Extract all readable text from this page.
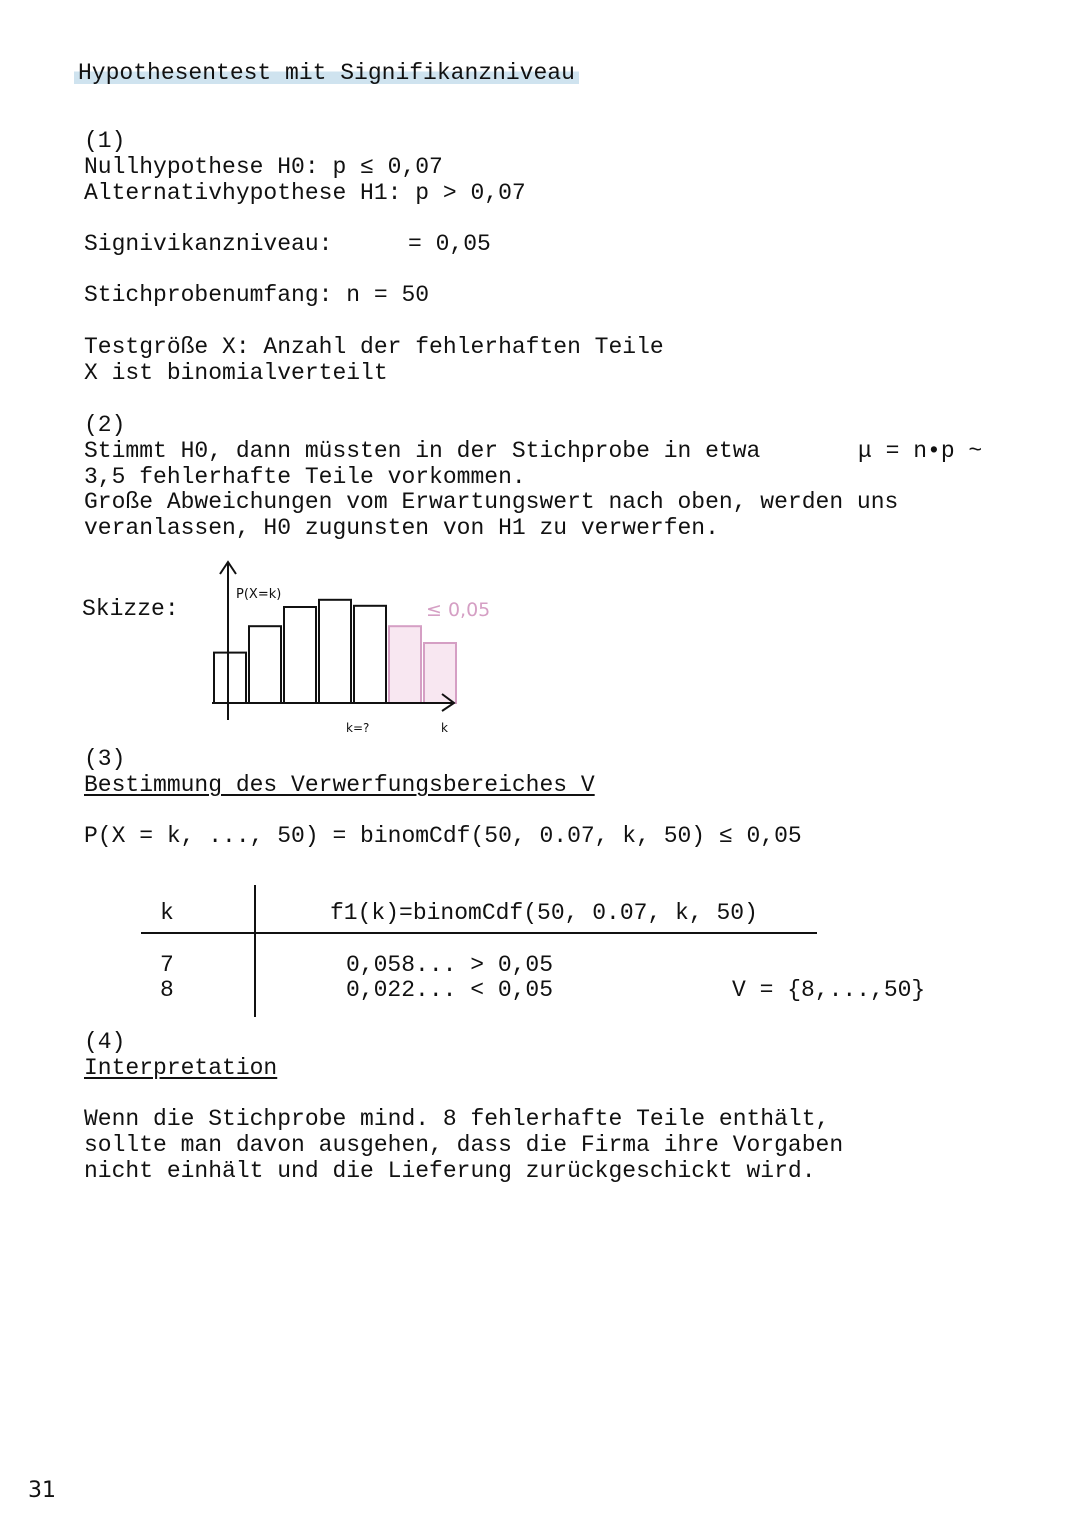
Hypothesentest mit Signifikanzniveau
(1)
Nullhypothese H0: p ≤ 0,07
Alternativhypothese H1: p > 0,07
Signivikanzniveau:	= 0,05
Stichprobenumfang: n = 50
Testgröße X: Anzahl der fehlerhaften Teile
X ist binomialverteilt
(2)
Stimmt H0, dann müssten in der Stichprobe in etwa	μ = n•p ~
3,5 fehlerhafte Teile vorkommen.
Große Abweichungen vom Erwartungswert nach oben, werden uns
veranlassen, H0 zugunsten von H1 zu verwerfen.
Skizze:
P(X=k)
≤ 0,05
k=?	k
(3)
Bestimmung des Verwerfungsbereiches V
P(X = k, ..., 50) = binomCdf(50, 0.07, k, 50) ≤ 0,05
k	f1(k)=binomCdf(50, 0.07, k, 50)
7	0,058... > 0,05
8	0,022... < 0,05	V = {8,...,50}
(4)
Interpretation
Wenn die Stichprobe mind. 8 fehlerhafte Teile enthält,
sollte man davon ausgehen, dass die Firma ihre Vorgaben
nicht einhält und die Lieferung zurückgeschickt wird.
31
